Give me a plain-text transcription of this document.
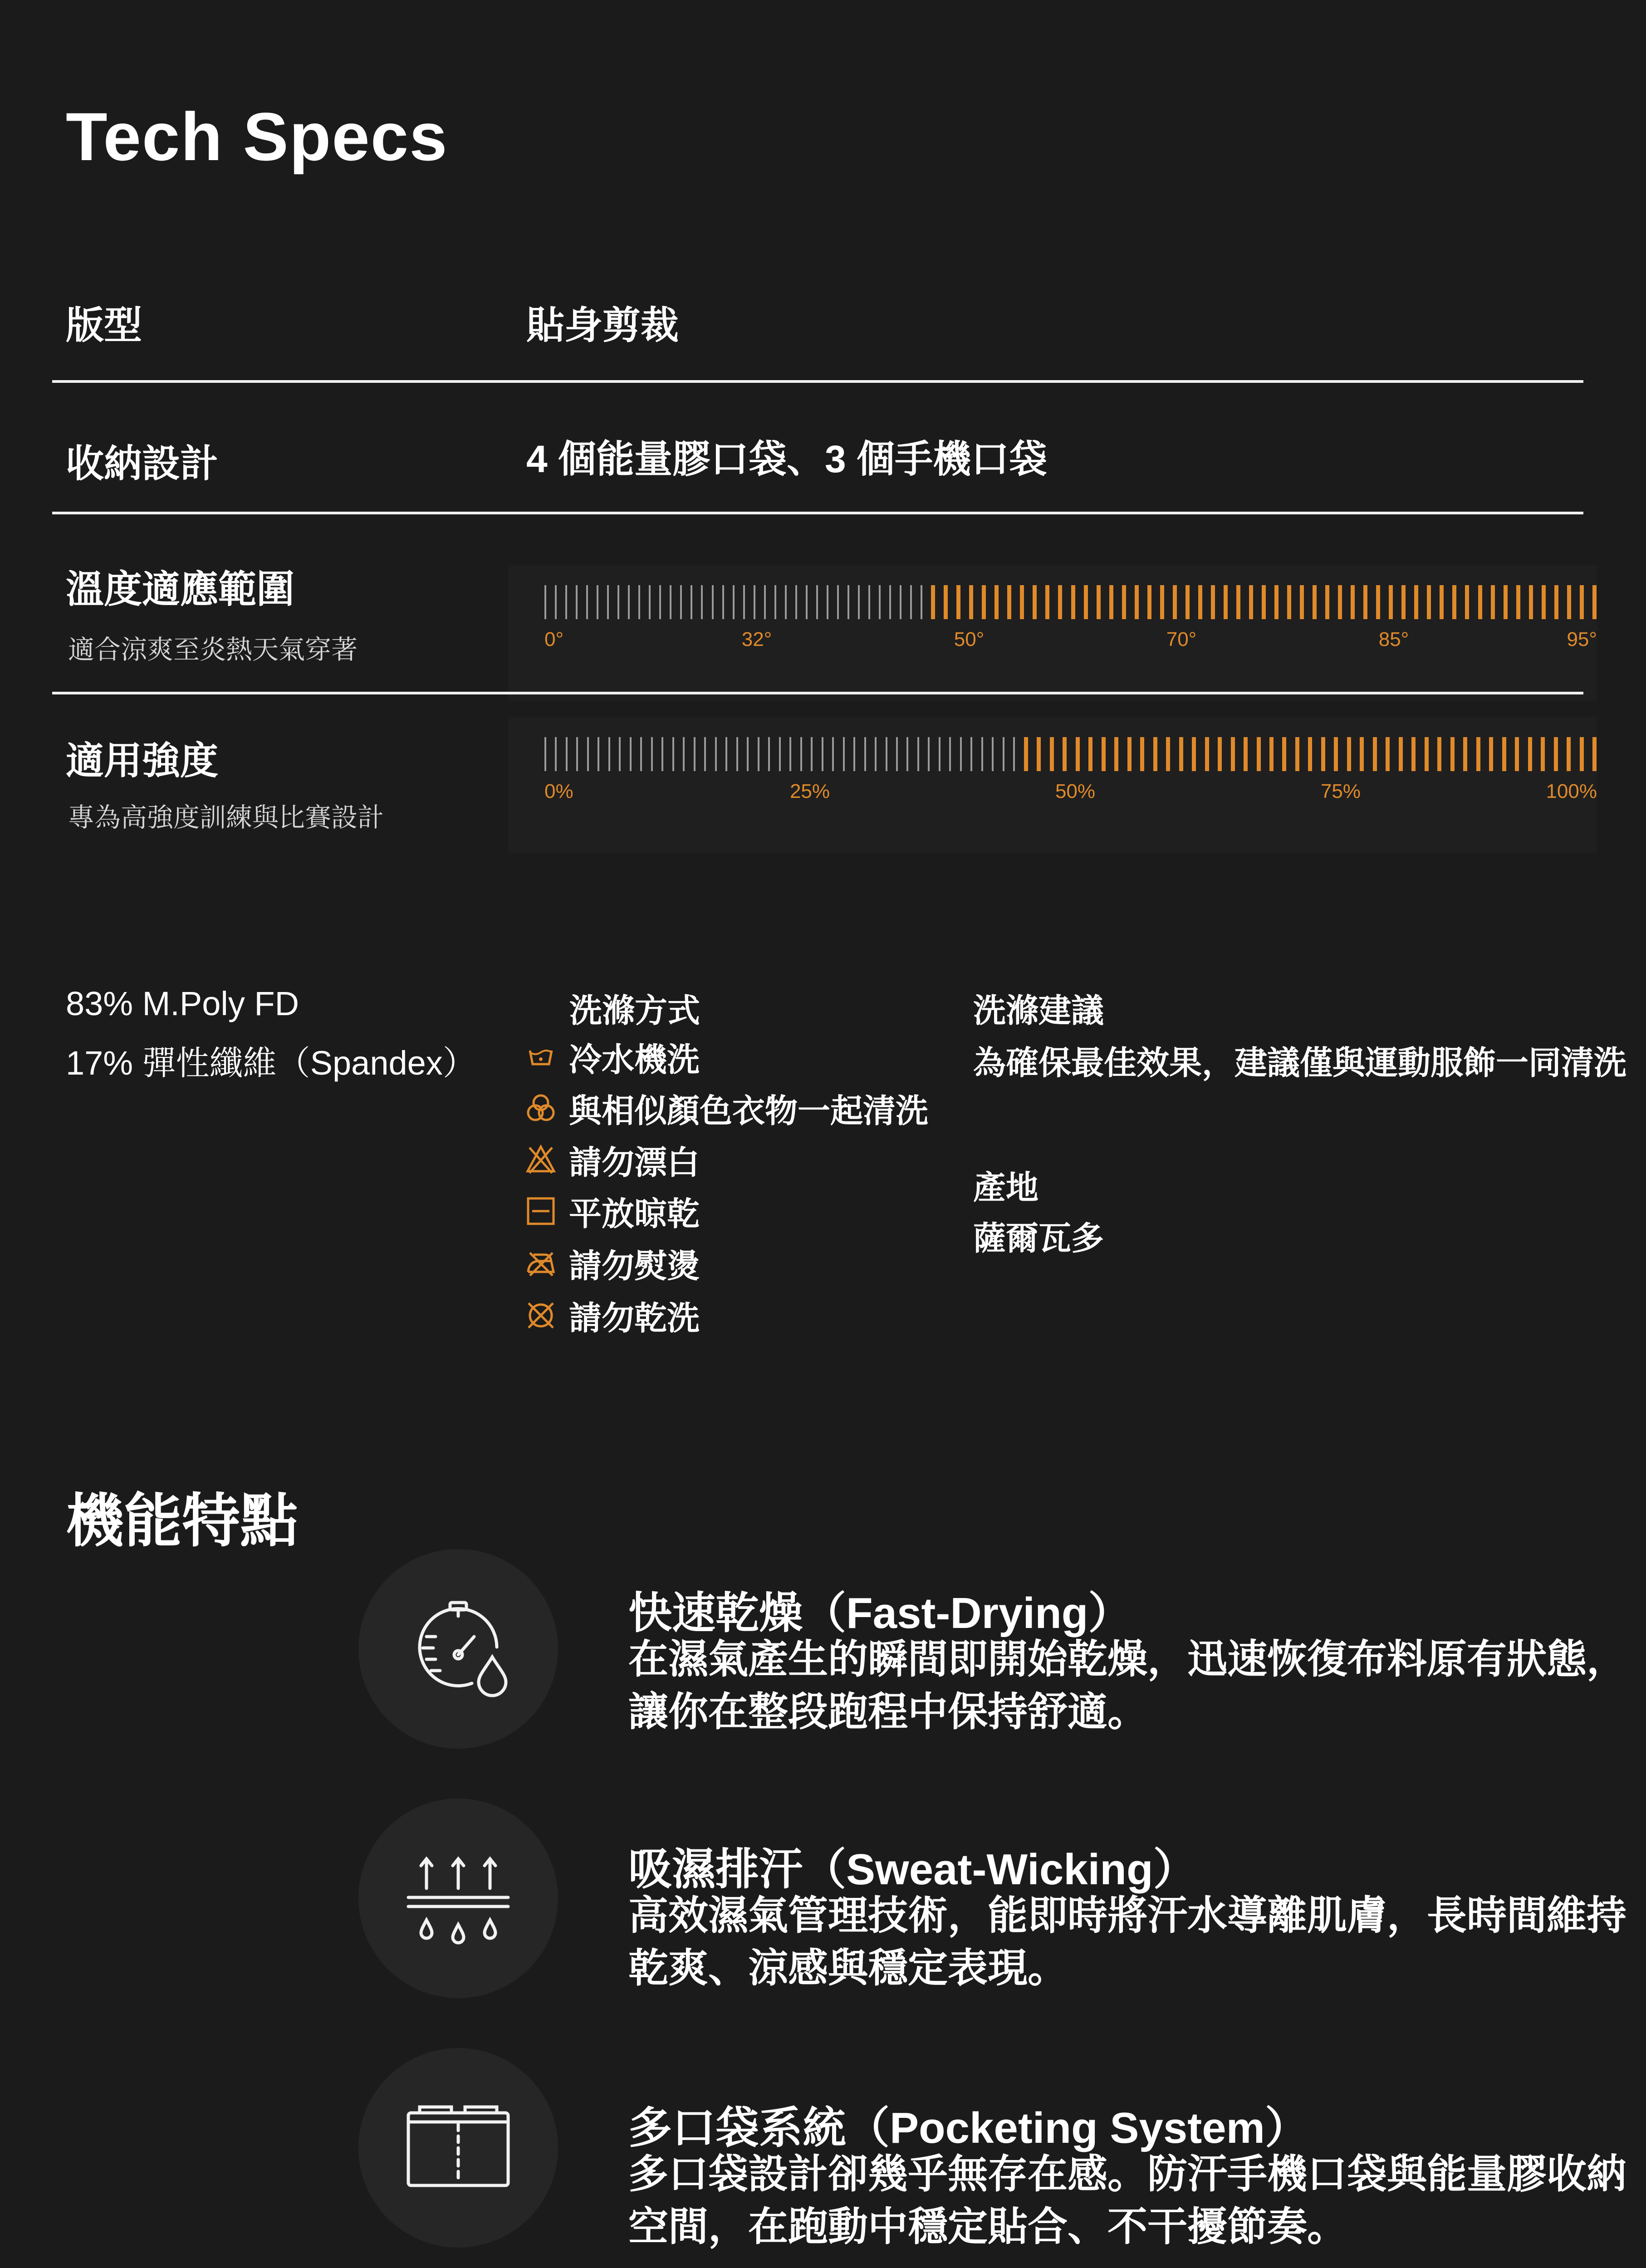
Tech Specs
版型	貼身剪裁
收納設計	4 個能量膠口袋、3 個手機口袋
溫度適應範圍
適合涼爽至炎熱天氣穿著	0°	32°	50°	70°	85°	95°
適用強度
專為高強度訓練與比賽設計
0%	25%	50%	75%	100%
83% M.Poly FD
17% 彈性纖維（Spandex）
洗滌方式
冷水機洗
與相似顏色衣物一起清洗
請勿漂白
平放晾乾
請勿熨燙
請勿乾洗
洗滌建議
為確保最佳效果，建議僅與運動服飾一同清洗
產地
薩爾瓦多
機能特點
快速乾燥（Fast-Drying）
在濕氣產生的瞬間即開始乾燥，迅速恢復布料原有狀態，讓你在整段跑程中保持舒適。
吸濕排汗（Sweat-Wicking）
高效濕氣管理技術，能即時將汗水導離肌膚，長時間維持乾爽、涼感與穩定表現。
多口袋系統（Pocketing System）
多口袋設計卻幾乎無存在感。防汗手機口袋與能量膠收納空間，在跑動中穩定貼合、不干擾節奏。
